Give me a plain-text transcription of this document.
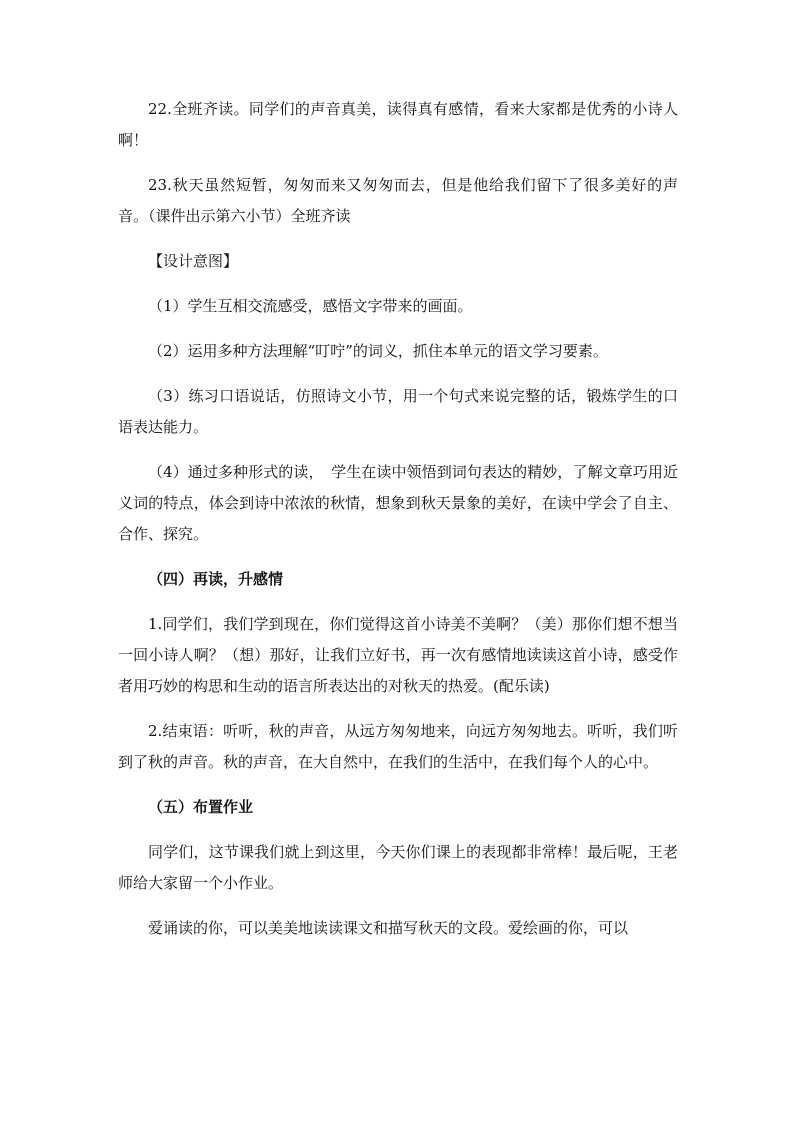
22.全班齐读。同学们的声音真美，读得真有感情，看来大家都是优秀的小诗人啊！

23.秋天虽然短暂，匆匆而来又匆匆而去，但是他给我们留下了很多美好的声音。（课件出示第六小节）全班齐读

【设计意图】

（1）学生互相交流感受，感悟文字带来的画面。

（2）运用多种方法理解“叮咛”的词义，抓住本单元的语文学习要素。

（3）练习口语说话，仿照诗文小节，用一个句式来说完整的话，锻炼学生的口语表达能力。

（4）通过多种形式的读，　学生在读中领悟到词句表达的精妙，了解文章巧用近义词的特点，体会到诗中浓浓的秋情，想象到秋天景象的美好，在读中学会了自主、合作、探究。

（四）再读，升感情

1.同学们，我们学到现在，你们觉得这首小诗美不美啊？（美）那你们想不想当一回小诗人啊？（想）那好，让我们立好书，再一次有感情地读读这首小诗，感受作者用巧妙的构思和生动的语言所表达出的对秋天的热爱。(配乐读)

2.结束语：听听，秋的声音，从远方匆匆地来，向远方匆匆地去。听听，我们听到了秋的声音。秋的声音，在大自然中，在我们的生活中，在我们每个人的心中。

（五）布置作业

同学们，这节课我们就上到这里，今天你们课上的表现都非常棒！最后呢，王老师给大家留一个小作业。

爱诵读的你，可以美美地读读课文和描写秋天的文段。爱绘画的你，可以
